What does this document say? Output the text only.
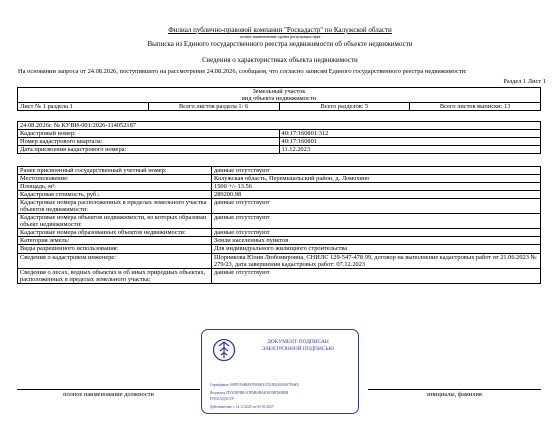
Филиал публично-правовой компании "Роскадастр" по Калужской области
полное наименование органа регистрации прав
Выписка из Единого государственного реестра недвижимости об объекте недвижимости
Сведения о характеристиках объекта недвижимости
На основании запроса от 24.08.2026, поступившего на рассмотрение 24.08.2026, сообщаем, что согласно записям Единого государственного реестра недвижимости:
Раздел 1 Лист 1
Земельный участок
вид объекта недвижимости
Лист № 1 раздела 1	Всего листов раздела 1: 6	Всего разделов: 5	Всего листов выписки: 13
24.08.2026г. № КУВИ-001/2026-114052187	
Кадастровый номер:	40:17:160801:312
Номер кадастрового квартала:	40:17:160801
Дата присвоения кадастрового номера:	11.12.2023
Ранее присвоенный государственный учетный номер:	данные отсутствуют
Местоположение:	Калужская область, Перемышльский район, д. Ломохино
Площадь, м²:	1500 +/- 13.56
Кадастровая стоимость, руб.:	289200.98
Кадастровые номера расположенных в пределах земельного участка объектов недвижимости:	данные отсутствуют
Кадастровые номера объектов недвижимости, из которых образован объект недвижимости:	данные отсутствуют
Кадастровые номера образованных объектов недвижимости:	данные отсутствуют
Категория земель:	Земли населенных пунктов
Виды разрешенного использования:	Для индивидуального жилищного строительства
Сведения о кадастровом инженере:	Шорникова Юлия Любомировна, СНИЛС 129-547-478 99, договор на выполнение кадастровых работ от 21.06.2023 № 279/23, дата завершения кадастровых работ: 07.12.2023
Сведения о лесах, водных объектах и об иных природных объектах, расположенных в пределах земельного участка:	данные отсутствуют
полное наименование должности	инициалы, фамилия
ДОКУМЕНТ ПОДПИСАН
ЭЛЕКТРОННОЙ ПОДПИСЬЮ
Сертификат: 00897A6B6F6700000315531B34000167F6603
Владелец: ПУБЛИЧНО-ПРАВОВАЯ КОМПАНИЯ
РОСКАДАСТР
Действителен: с 14.12.2025 по 09.03.2027
